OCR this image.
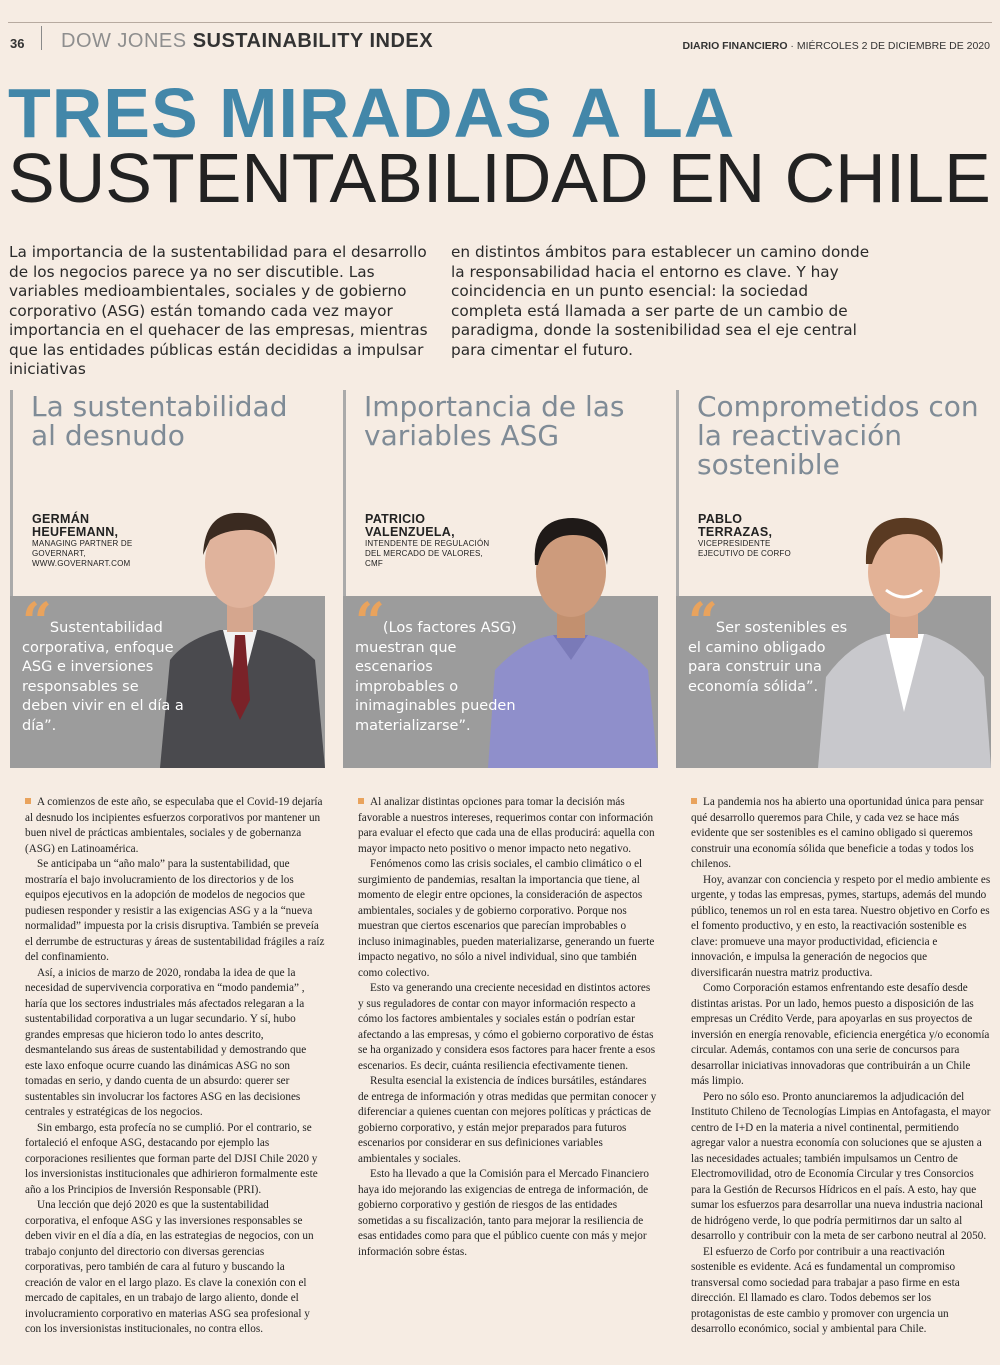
36 DOW JONES SUSTAINABILITY INDEX	DIARIO FINANCIERO · MIÉRCOLES 2 DE DICIEMBRE DE 2020
TRES MIRADAS A LA
SUSTENTABILIDAD EN CHILE
La importancia de la sustentabilidad para el desarrollo de los negocios parece ya no ser discutible. Las variables medioambientales, sociales y de gobierno corporativo (ASG) están tomando cada vez mayor importancia en el quehacer de las empresas, mientras que las entidades públicas están decididas a impulsar iniciativas
en distintos ámbitos para establecer un camino donde la responsabilidad hacia el entorno es clave. Y hay coincidencia en un punto esencial: la sociedad completa está llamada a ser parte de un cambio de paradigma, donde la sostenibilidad sea el eje central para cimentar el futuro.
La sustentabilidad al desnudo
GERMÁN HEUFEMANN,
MANAGING PARTNER DE GOVERNART, WWW.GOVERNART.COM
“ Sustentabilidad corporativa, enfoque ASG e inversiones responsables se deben vivir en el día a día”.

A comienzos de este año, se especulaba que el Covid-19 dejaría al desnudo los incipientes esfuerzos corporativos por mantener un buen nivel de prácticas ambientales, sociales y de gobernanza (ASG) en Latinoamérica.

Se anticipaba un “año malo” para la sustentabilidad, que mostraría el bajo involucramiento de los directorios y de los equipos ejecutivos en la adopción de modelos de negocios que pudiesen responder y resistir a las exigencias ASG y a la “nueva normalidad” impuesta por la crisis disruptiva. También se preveía el derrumbe de estructuras y áreas de sustentabilidad frágiles a raíz del confinamiento.

Así, a inicios de marzo de 2020, rondaba la idea de que la necesidad de supervivencia corporativa en “modo pandemia” , haría que los sectores industriales más afectados relegaran a la sustentabilidad corporativa a un lugar secundario. Y sí, hubo grandes empresas que hicieron todo lo antes descrito, desmantelando sus áreas de sustentabilidad y demostrando que este laxo enfoque ocurre cuando las dinámicas ASG no son tomadas en serio, y dando cuenta de un absurdo: querer ser sustentables sin involucrar los factores ASG en las decisiones centrales y estratégicas de los negocios.

Sin embargo, esta profecía no se cumplió. Por el contrario, se fortaleció el enfoque ASG, destacando por ejemplo las corporaciones resilientes que forman parte del DJSI Chile 2020 y los inversionistas institucionales que adhirieron formalmente este año a los Principios de Inversión Responsable (PRI).

Una lección que dejó 2020 es que la sustentabilidad corporativa, el enfoque ASG y las inversiones responsables se deben vivir en el día a día, en las estrategias de negocios, con un trabajo conjunto del directorio con diversas gerencias corporativas, pero también de cara al futuro y buscando la creación de valor en el largo plazo. Es clave la conexión con el mercado de capitales, en un trabajo de largo aliento, donde el involucramiento corporativo en materias ASG sea profesional y con los inversionistas institucionales, no contra ellos.

Importancia de las variables ASG
PATRICIO VALENZUELA,
INTENDENTE DE REGULACIÓN DEL MERCADO DE VALORES, CMF
“ (Los factores ASG) muestran que escenarios improbables o inimaginables pueden materializarse”.

Al analizar distintas opciones para tomar la decisión más favorable a nuestros intereses, requerimos contar con información para evaluar el efecto que cada una de ellas producirá: aquella con mayor impacto neto positivo o menor impacto neto negativo.

Fenómenos como las crisis sociales, el cambio climático o el surgimiento de pandemias, resaltan la importancia que tiene, al momento de elegir entre opciones, la consideración de aspectos ambientales, sociales y de gobierno corporativo. Porque nos muestran que ciertos escenarios que parecían improbables o incluso inimaginables, pueden materializarse, generando un fuerte impacto negativo, no sólo a nivel individual, sino que también como colectivo.

Esto va generando una creciente necesidad en distintos actores y sus reguladores de contar con mayor información respecto a cómo los factores ambientales y sociales están o podrían estar afectando a las empresas, y cómo el gobierno corporativo de éstas se ha organizado y considera esos factores para hacer frente a esos escenarios. Es decir, cuánta resiliencia efectivamente tienen.

Resulta esencial la existencia de índices bursátiles, estándares de entrega de información y otras medidas que permitan conocer y diferenciar a quienes cuentan con mejores políticas y prácticas de gobierno corporativo, y están mejor preparados para futuros escenarios por considerar en sus definiciones variables ambientales y sociales.

Esto ha llevado a que la Comisión para el Mercado Financiero haya ido mejorando las exigencias de entrega de información, de gobierno corporativo y gestión de riesgos de las entidades sometidas a su fiscalización, tanto para mejorar la resiliencia de esas entidades como para que el público cuente con más y mejor información sobre éstas.

Comprometidos con la reactivación sostenible
PABLO TERRAZAS,
VICEPRESIDENTE EJECUTIVO DE CORFO
“ Ser sostenibles es el camino obligado para construir una economía sólida”.

La pandemia nos ha abierto una oportunidad única para pensar qué desarrollo queremos para Chile, y cada vez se hace más evidente que ser sostenibles es el camino obligado si queremos construir una economía sólida que beneficie a todas y todos los chilenos.

Hoy, avanzar con conciencia y respeto por el medio ambiente es urgente, y todas las empresas, pymes, startups, además del mundo público, tenemos un rol en esta tarea. Nuestro objetivo en Corfo es el fomento productivo, y en esto, la reactivación sostenible es clave: promueve una mayor productividad, eficiencia e innovación, e impulsa la generación de negocios que diversificarán nuestra matriz productiva.

Como Corporación estamos enfrentando este desafío desde distintas aristas. Por un lado, hemos puesto a disposición de las empresas un Crédito Verde, para apoyarlas en sus proyectos de inversión en energía renovable, eficiencia energética y/o economía circular. Además, contamos con una serie de concursos para desarrollar iniciativas innovadoras que contribuirán a un Chile más limpio.

Pero no sólo eso. Pronto anunciaremos la adjudicación del Instituto Chileno de Tecnologías Limpias en Antofagasta, el mayor centro de I+D en la materia a nivel continental, permitiendo agregar valor a nuestra economía con soluciones que se ajusten a las necesidades actuales; también impulsamos un Centro de Electromovilidad, otro de Economía Circular y tres Consorcios para la Gestión de Recursos Hídricos en el país. A esto, hay que sumar los esfuerzos para desarrollar una nueva industria nacional de hidrógeno verde, lo que podría permitirnos dar un salto al desarrollo y contribuir con la meta de ser carbono neutral al 2050.

El esfuerzo de Corfo por contribuir a una reactivación sostenible es evidente. Acá es fundamental un compromiso transversal como sociedad para trabajar a paso firme en esta dirección. El llamado es claro. Todos debemos ser los protagonistas de este cambio y promover con urgencia un desarrollo económico, social y ambiental para Chile.
